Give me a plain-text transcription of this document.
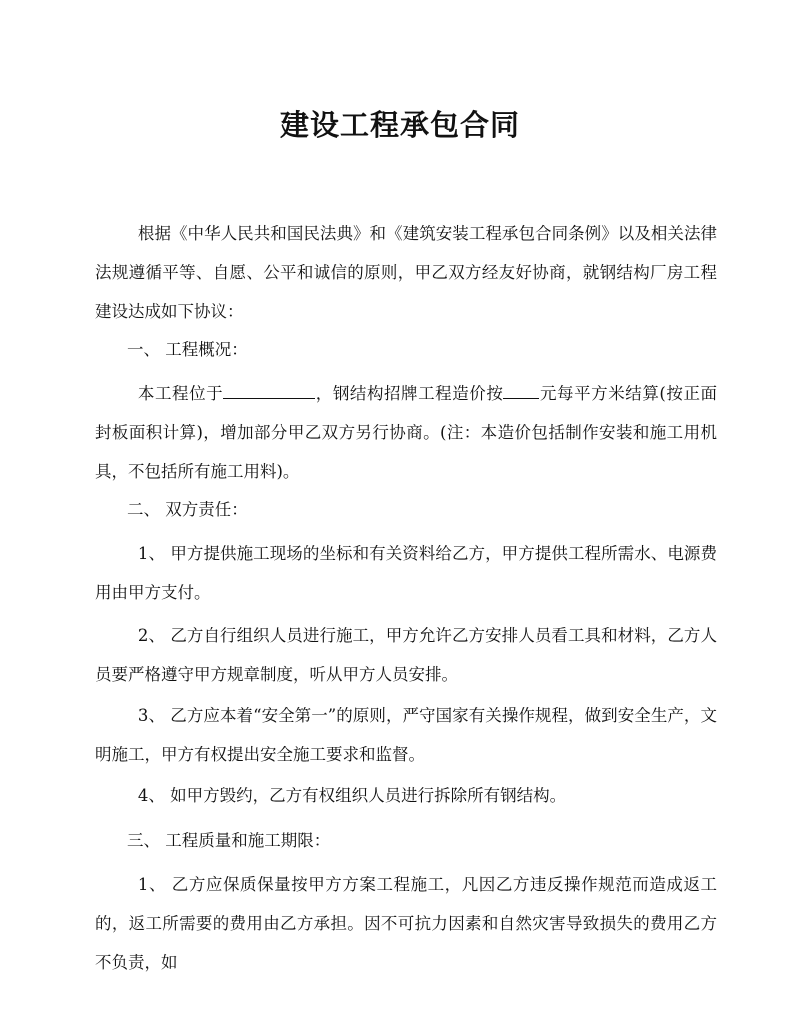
建设工程承包合同

根据《中华人民共和国民法典》和《建筑安装工程承包合同条例》以及相关法律法规遵循平等、自愿、公平和诚信的原则，甲乙双方经友好协商，就钢结构厂房工程建设达成如下协议：

一、 工程概况：

本工程位于	，钢结构招牌工程造价按 元每平方米结算(按正面封板面积计算)，增加部分甲乙双方另行协商。(注：本造价包括制作安装和施工用机具，不包括所有施工用料)。

二、 双方责任：

1、 甲方提供施工现场的坐标和有关资料给乙方，甲方提供工程所需水、电源费用由甲方支付。

2、 乙方自行组织人员进行施工，甲方允许乙方安排人员看工具和材料，乙方人员要严格遵守甲方规章制度，听从甲方人员安排。

3、 乙方应本着“安全第一”的原则，严守国家有关操作规程，做到安全生产，文明施工，甲方有权提出安全施工要求和监督。

4、 如甲方毁约，乙方有权组织人员进行拆除所有钢结构。

三、 工程质量和施工期限：

1、 乙方应保质保量按甲方方案工程施工，凡因乙方违反操作规范而造成返工的，返工所需要的费用由乙方承担。因不可抗力因素和自然灾害导致损失的费用乙方不负责，如
